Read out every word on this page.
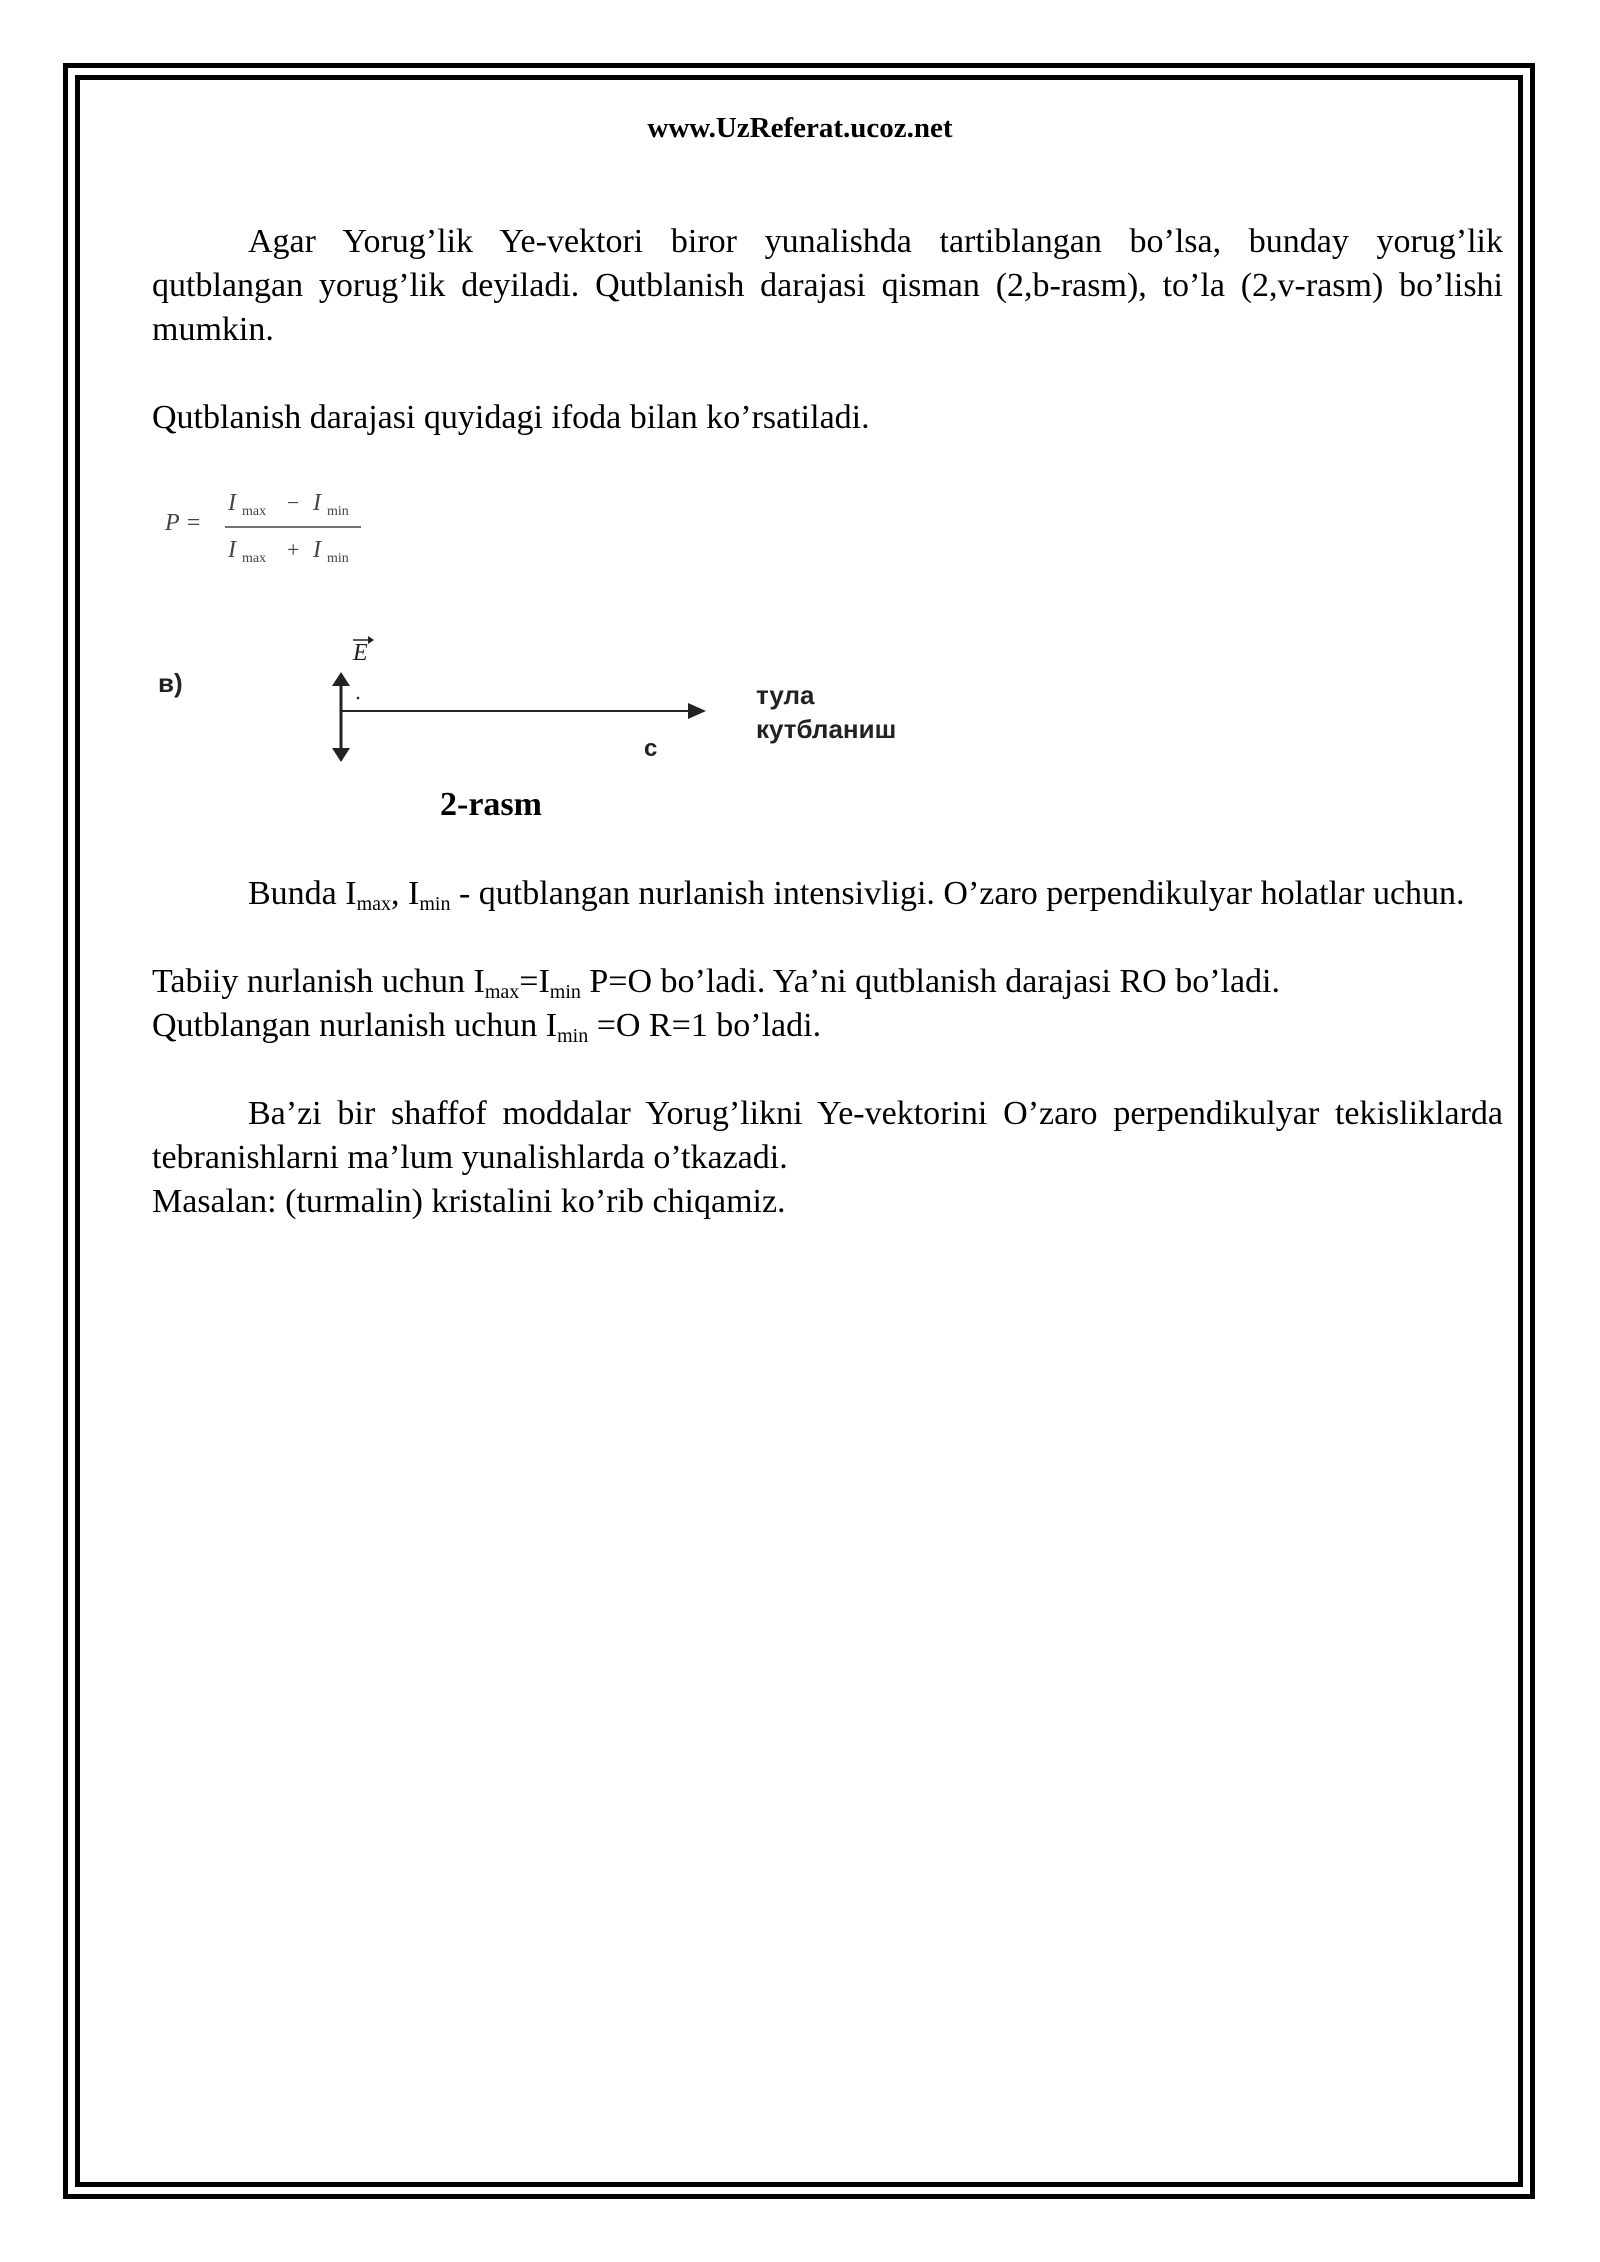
www.UzReferat.ucoz.net

Agar Yorug’lik Ye-vektori biror yunalishda tartiblangan bo’lsa, bunday yorug’lik qutblangan yorug’lik deyiladi. Qutblanish darajasi qisman (2,b-rasm), to’la (2,v-rasm) bo’lishi mumkin.

Qutblanish darajasi quyidagi ifoda bilan ko’rsatiladi.

P =
I max − I min
I max + I min
в)
E
c
тула
кутбланиш
2-rasm

Bunda $I_{max}$, $I_{min}$ - qutblangan nurlanish intensivligi. O’zaro perpendikulyar holatlar uchun.

Tabiiy nurlanish uchun $I_{max}=I_{min}$ P=O bo’ladi. Ya’ni qutblanish darajasi RO bo’ladi.

Qutblangan nurlanish uchun $I_{min} =O$ R=1 bo’ladi.

Ba’zi bir shaffof moddalar Yorug’likni Ye-vektorini O’zaro perpendikulyar tekisliklarda tebranishlarni ma’lum yunalishlarda o’tkazadi.

Masalan: (turmalin) kristalini ko’rib chiqamiz.
